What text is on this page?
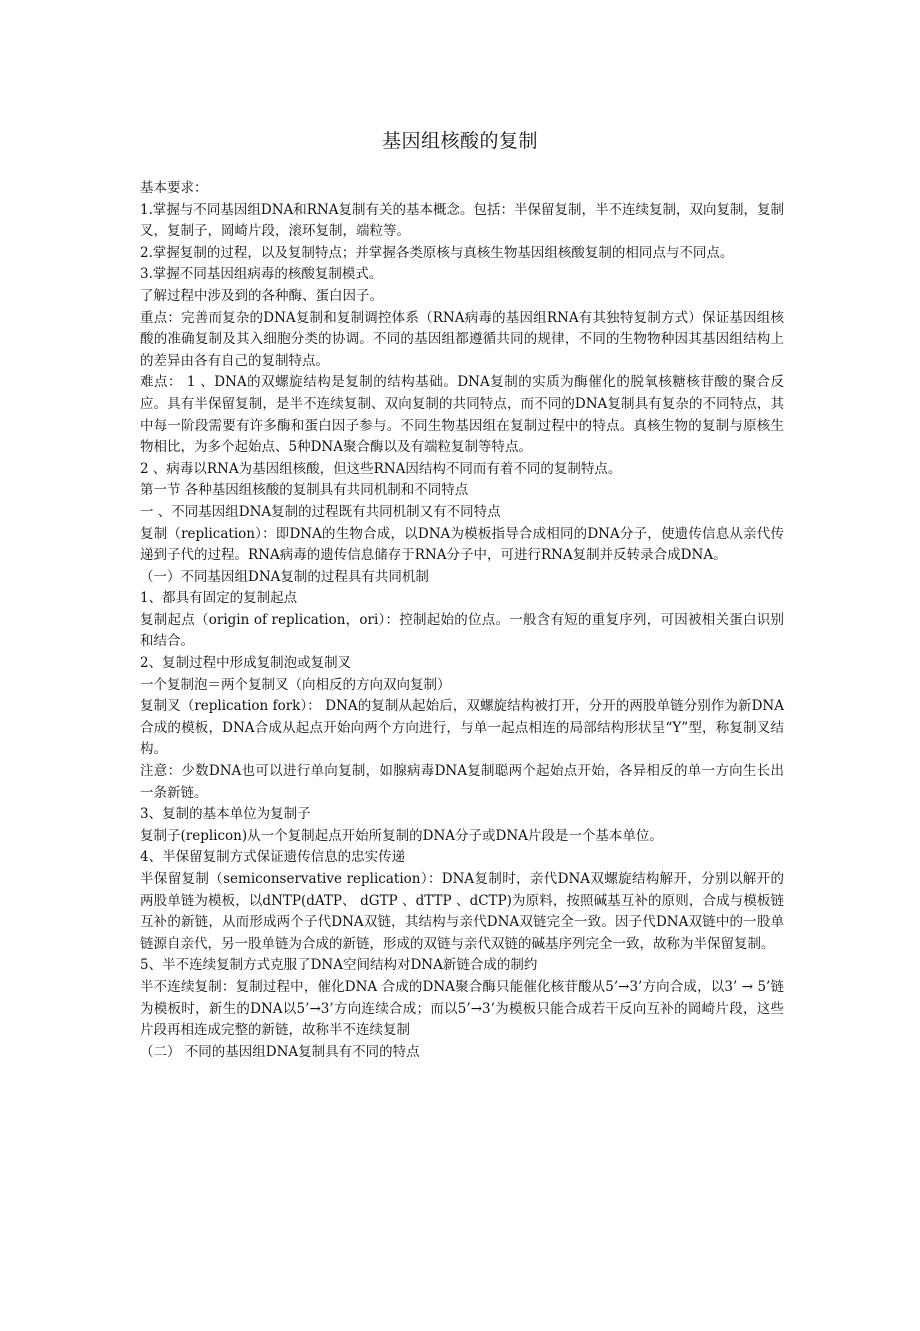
基因组核酸的复制

基本要求：

1.掌握与不同基因组DNA和RNA复制有关的基本概念。包括：半保留复制，半不连续复制，双向复制，复制叉，复制子，岡崎片段，滚环复制，端粒等。

2.掌握复制的过程，以及复制特点；并掌握各类原核与真核生物基因组核酸复制的相同点与不同点。

3.掌握不同基因组病毒的核酸复制模式。

了解过程中涉及到的各种酶、蛋白因子。

重点：完善而复杂的DNA复制和复制调控体系（RNA病毒的基因组RNA有其独特复制方式）保证基因组核酸的准确复制及其入细胞分类的协调。不同的基因组都遵循共同的规律，不同的生物物种因其基因组结构上的差异由各有自己的复制特点。

难点： 1 、DNA的双螺旋结构是复制的结构基础。DNA复制的实质为酶催化的脱氧核糖核苷酸的聚合反应。具有半保留复制，是半不连续复制、双向复制的共同特点，而不同的DNA复制具有复杂的不同特点，其中每一阶段需要有许多酶和蛋白因子参与。不同生物基因组在复制过程中的特点。真核生物的复制与原核生物相比，为多个起始点、5种DNA聚合酶以及有端粒复制等特点。

2 、病毒以RNA为基因组核酸，但这些RNA因结构不同而有着不同的复制特点。

第一节 各种基因组核酸的复制具有共同机制和不同特点

一 、不同基因组DNA复制的过程既有共同机制又有不同特点

复制（replication）：即DNA的生物合成，以DNA为模板指导合成相同的DNA分子，使遗传信息从亲代传递到子代的过程。RNA病毒的遗传信息储存于RNA分子中，可进行RNA复制并反转录合成DNA。

（一）不同基因组DNA复制的过程具有共同机制

1、都具有固定的复制起点

复制起点（origin of replication，ori）：控制起始的位点。一般含有短的重复序列，可因被相关蛋白识别和结合。

2、复制过程中形成复制泡或复制叉

一个复制泡＝两个复制叉（向相反的方向双向复制）

复制叉（replication fork）： DNA的复制从起始后，双螺旋结构被打开，分开的两股单链分别作为新DNA合成的模板，DNA合成从起点开始向两个方向进行，与单一起点相连的局部结构形状呈“Y”型，称复制叉结构。

注意：少数DNA也可以进行单向复制，如腺病毒DNA复制聪两个起始点开始，各异相反的单一方向生长出一条新链。

3、复制的基本单位为复制子

复制子(replicon)从一个复制起点开始所复制的DNA分子或DNA片段是一个基本单位。

4、半保留复制方式保证遗传信息的忠实传递

半保留复制（semiconservative replication）：DNA复制时，亲代DNA双螺旋结构解开，分别以解开的两股单链为模板，以dNTP(dATP、 dGTP 、dTTP 、dCTP)为原料，按照碱基互补的原则，合成与模板链互补的新链，从而形成两个子代DNA双链，其结构与亲代DNA双链完全一致。因子代DNA双链中的一股单链源自亲代，另一股单链为合成的新链，形成的双链与亲代双链的碱基序列完全一致，故称为半保留复制。

5、半不连续复制方式克服了DNA空间结构对DNA新链合成的制约

半不连续复制：复制过程中，催化DNA 合成的DNA聚合酶只能催化核苷酸从5’→3’方向合成，以3’ → 5’链为模板时，新生的DNA以5’→3’方向连续合成；而以5’→3’为模板只能合成若干反向互补的岡崎片段，这些片段再相连成完整的新链，故称半不连续复制

（二） 不同的基因组DNA复制具有不同的特点
